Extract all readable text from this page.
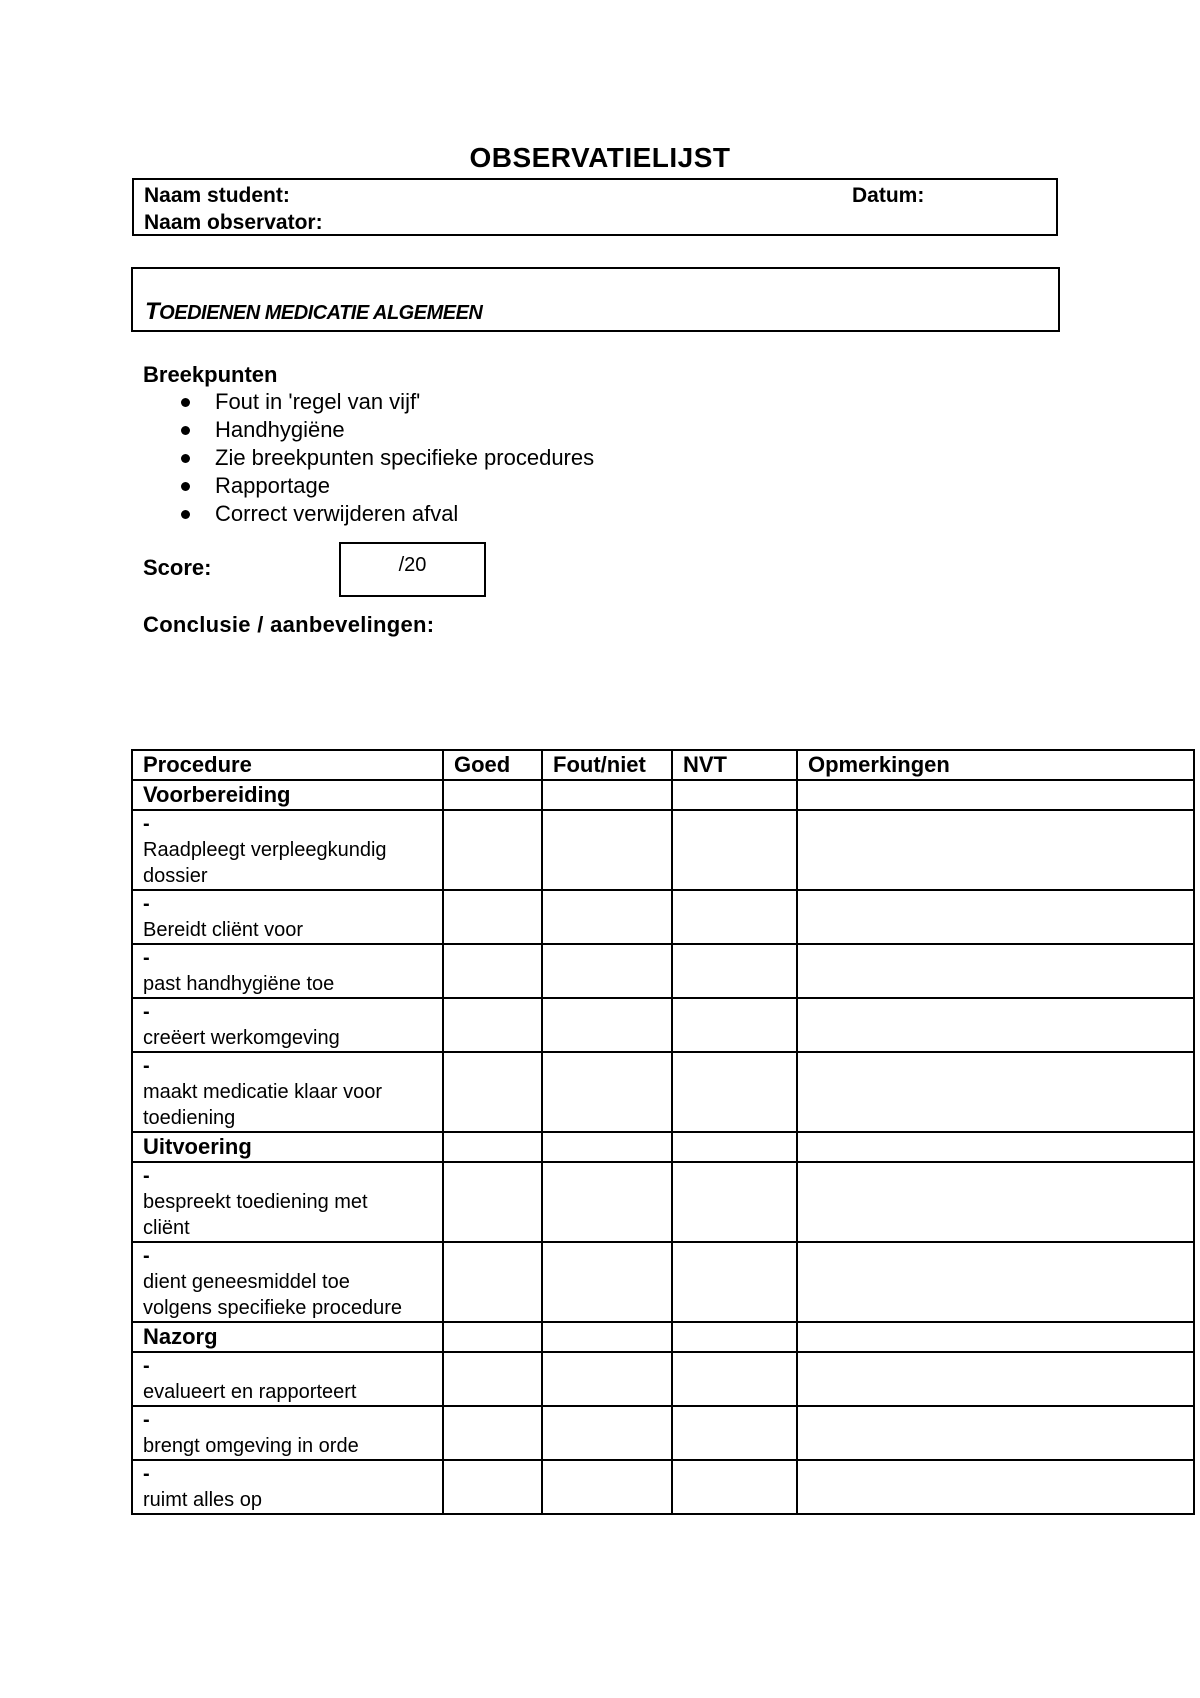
OBSERVATIELIJST
Naam student:
Naam observator:
Datum:
TOEDIENEN MEDICATIE ALGEMEEN
Breekpunten
Fout in 'regel van vijf'
Handhygiëne
Zie breekpunten specifieke procedures
Rapportage
Correct verwijderen afval
Score:	/20
Conclusie / aanbevelingen:
Procedure	Goed	Fout/niet	NVT	Opmerkingen
Voorbereiding				
-Raadpleegt verpleegkundig dossier				
-Bereidt cliënt voor				
-past handhygiëne toe				
-creëert werkomgeving				
-maakt medicatie klaar voor toediening				
Uitvoering				
-bespreekt toediening met cliënt				
-dient geneesmiddel toe volgens specifieke procedure				
Nazorg				
-evalueert en rapporteert				
-brengt omgeving in orde				
-ruimt alles op				
